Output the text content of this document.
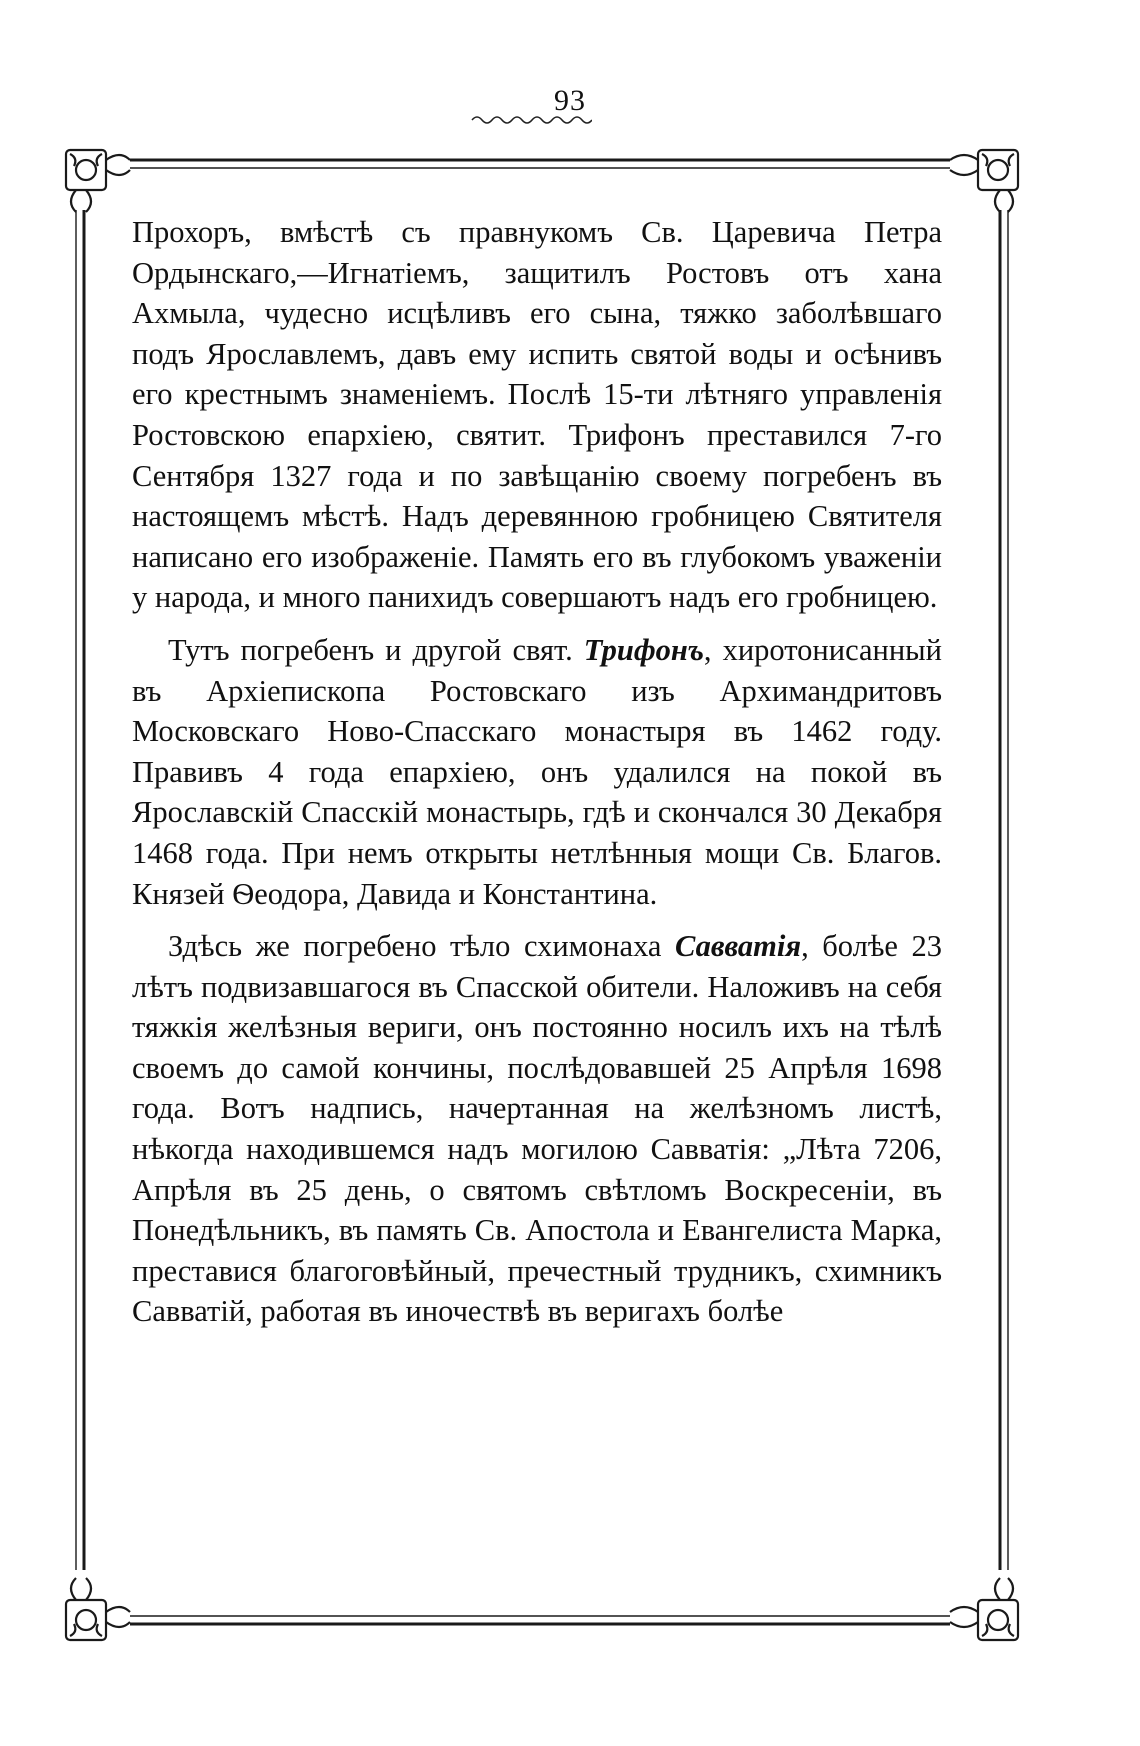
93

Прохоръ, вмѣстѣ съ правнукомъ Св. Царевича Петра Ордынскаго,—Игнатіемъ, защитилъ Ростовъ отъ хана Ахмыла, чудесно исцѣливъ его сына, тяжко заболѣвшаго подъ Ярославлемъ, давъ ему испить святой воды и осѣнивъ его крестнымъ знаменіемъ. Послѣ 15-ти лѣтняго управленія Ростовскою епархіею, святит. Трифонъ преставился 7-го Сентября 1327 года и по завѣщанію своему погребенъ въ настоящемъ мѣстѣ. Надъ деревянною гробницею Святителя написано его изображеніе. Память его въ глубокомъ уваженіи у народа, и много панихидъ совершаютъ надъ его гробницею.

Тутъ погребенъ и другой свят. Трифонъ, хиротонисанный въ Архіепископа Ростовскаго изъ Архимандритовъ Московскаго Ново-Спасскаго монастыря въ 1462 году. Правивъ 4 года епархіею, онъ удалился на покой въ Ярославскій Спасскій монастырь, гдѣ и скончался 30 Декабря 1468 года. При немъ открыты нетлѣнныя мощи Св. Благов. Князей Ѳеодора, Давида и Константина.

Здѣсь же погребено тѣло схимонаха Савватія, болѣе 23 лѣтъ подвизавшагося въ Спасской обители. Наложивъ на себя тяжкія желѣзныя вериги, онъ постоянно носилъ ихъ на тѣлѣ своемъ до самой кончины, послѣдовавшей 25 Апрѣля 1698 года. Вотъ надпись, начертанная на желѣзномъ листѣ, нѣкогда находившемся надъ могилою Савватія: „Лѣта 7206, Апрѣля въ 25 день, о святомъ свѣтломъ Воскресеніи, въ Понедѣльникъ, въ память Св. Апостола и Евангелиста Марка, преставися благоговѣйный, пречестный трудникъ, схимникъ Савватій, работая въ иночествѣ въ веригахъ болѣе
